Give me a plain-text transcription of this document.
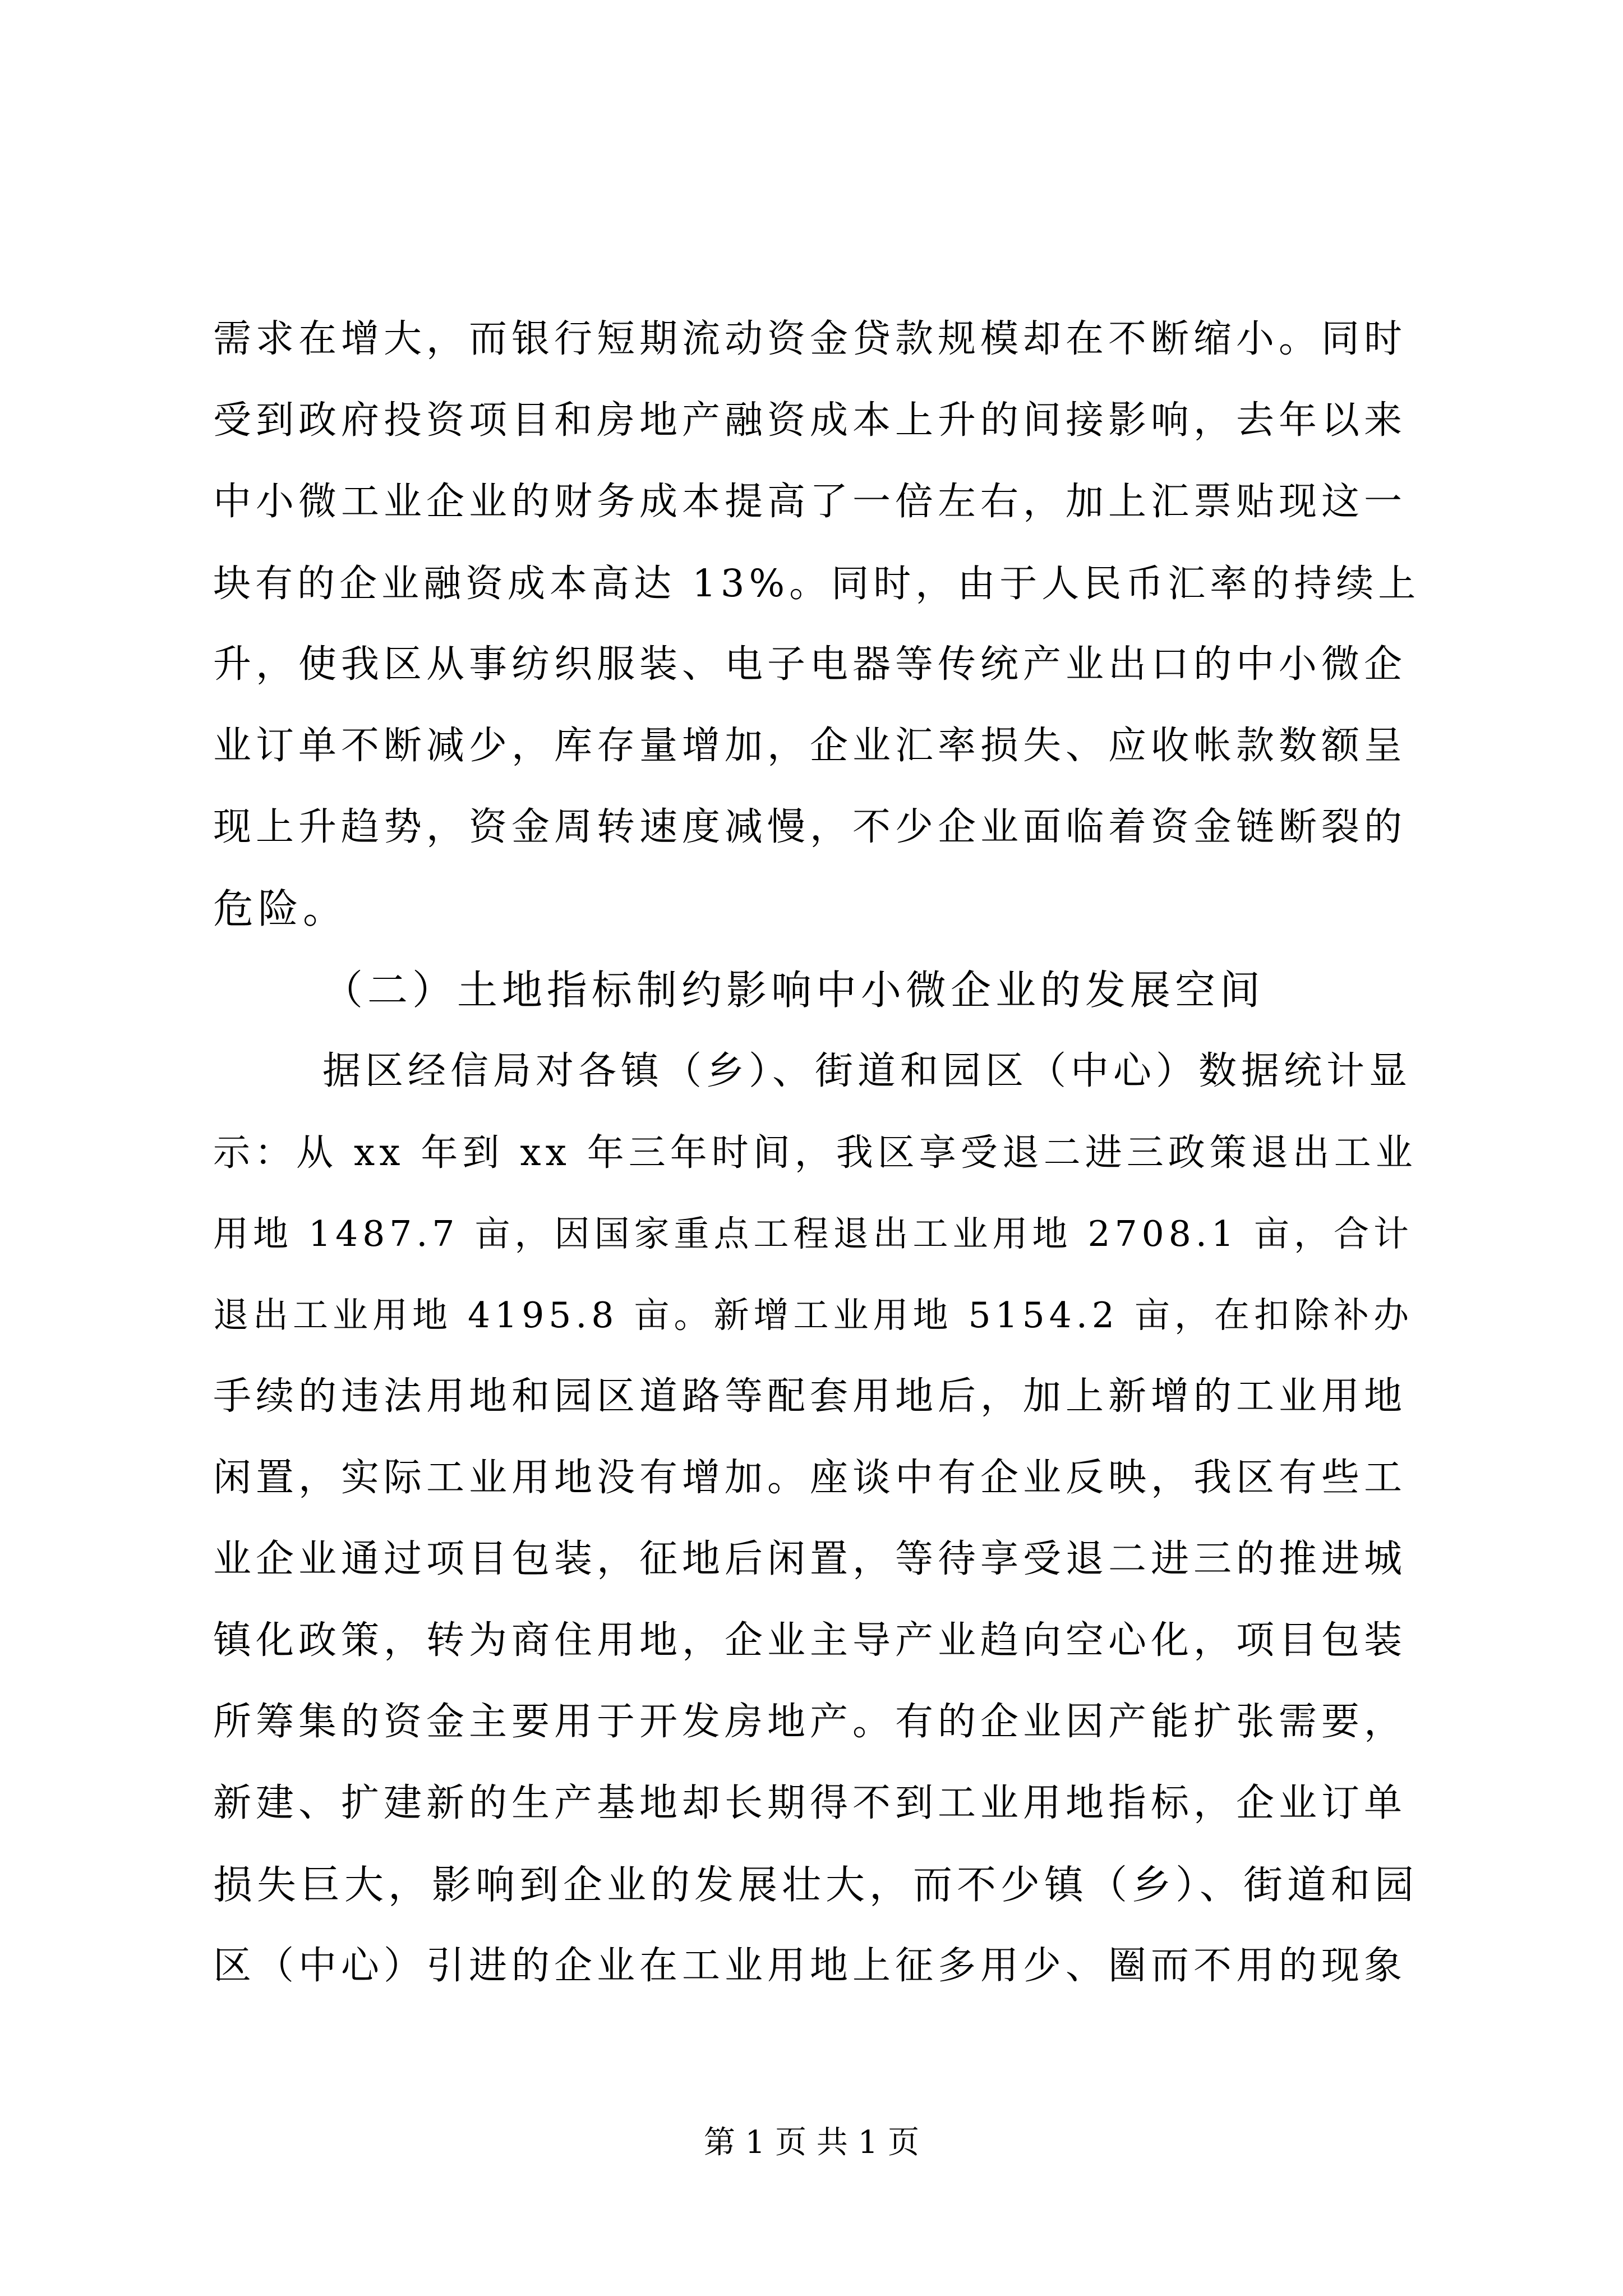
需求在增大，而银行短期流动资金贷款规模却在不断缩小。同时
受到政府投资项目和房地产融资成本上升的间接影响，去年以来
中小微工业企业的财务成本提高了一倍左右，加上汇票贴现这一
块有的企业融资成本高达 13%。同时，由于人民币汇率的持续上
升，使我区从事纺织服装、电子电器等传统产业出口的中小微企
业订单不断减少，库存量增加，企业汇率损失、应收帐款数额呈
现上升趋势，资金周转速度减慢，不少企业面临着资金链断裂的
危险。
（二）土地指标制约影响中小微企业的发展空间
据区经信局对各镇（乡）、街道和园区（中心）数据统计显
示：从 xx 年到 xx 年三年时间，我区享受退二进三政策退出工业
用地 1487.7 亩，因国家重点工程退出工业用地 2708.1 亩，合计
退出工业用地 4195.8 亩。新增工业用地 5154.2 亩，在扣除补办
手续的违法用地和园区道路等配套用地后，加上新增的工业用地
闲置，实际工业用地没有增加。座谈中有企业反映，我区有些工
业企业通过项目包装，征地后闲置，等待享受退二进三的推进城
镇化政策，转为商住用地，企业主导产业趋向空心化，项目包装
所筹集的资金主要用于开发房地产。有的企业因产能扩张需要，
新建、扩建新的生产基地却长期得不到工业用地指标，企业订单
损失巨大，影响到企业的发展壮大，而不少镇（乡）、街道和园
区（中心）引进的企业在工业用地上征多用少、圈而不用的现象
第 1 页 共 1 页
